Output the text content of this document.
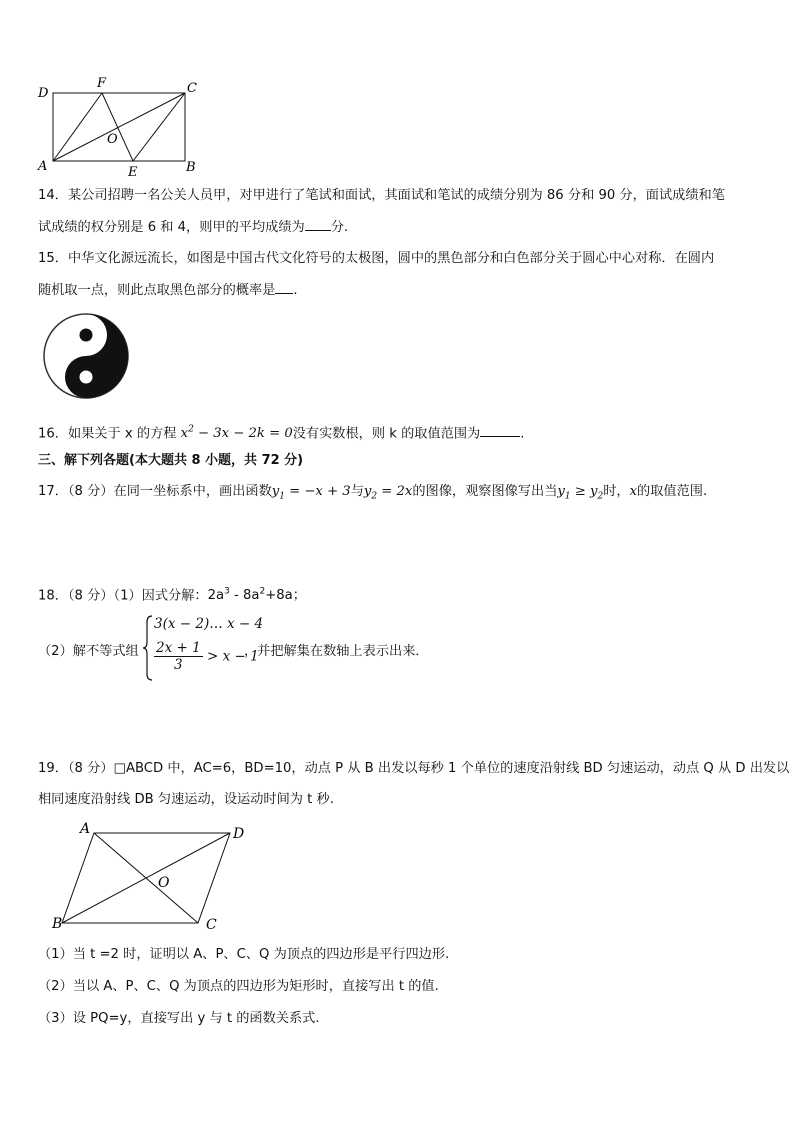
D
F	C
O
A	E	B
14．某公司招聘一名公关人员甲，对甲进行了笔试和面试，其面试和笔试的成绩分别为 86 分和 90 分，面试成绩和笔
试成绩的权分别是 6 和 4，则甲的平均成绩为 分.
15．中华文化源远流长，如图是中国古代文化符号的太极图，圆中的黑色部分和白色部分关于圆心中心对称．在圆内
随机取一点，则此点取黑色部分的概率是 .
16．如果关于 x 的方程 $x^2 - 3x - 2k = 0$没有实数根，则 k 的取值范围为	.
三、解下列各题(本大题共 8 小题，共 72 分)
17．（8 分）在同一坐标系中，画出函数$y_1 = -x + 3$与$y_2 = 2x$的图像，观察图像写出当$y_1 \ge y_2$时，x的取值范围.
18．（8 分）（1）因式分解：$2a^3 - 8a^2+8a$；
（2）解不等式组
3(x − 2)… x − 4
$\frac{2x + 1}{3} > x - 1$
，并把解集在数轴上表示出来．
19．（8 分）□ABCD 中，AC=6，BD=10，动点 P 从 B 出发以每秒 1 个单位的速度沿射线 BD 匀速运动，动点 Q 从 D 出发以
相同速度沿射线 DB 匀速运动，设运动时间为 t 秒.
A	D
O
B	C
（1）当 t =2 时，证明以 A、P、C、Q 为顶点的四边形是平行四边形.
（2）当以 A、P、C、Q 为顶点的四边形为矩形时，直接写出 t 的值.
（3）设 PQ=y，直接写出 y 与 t 的函数关系式.
